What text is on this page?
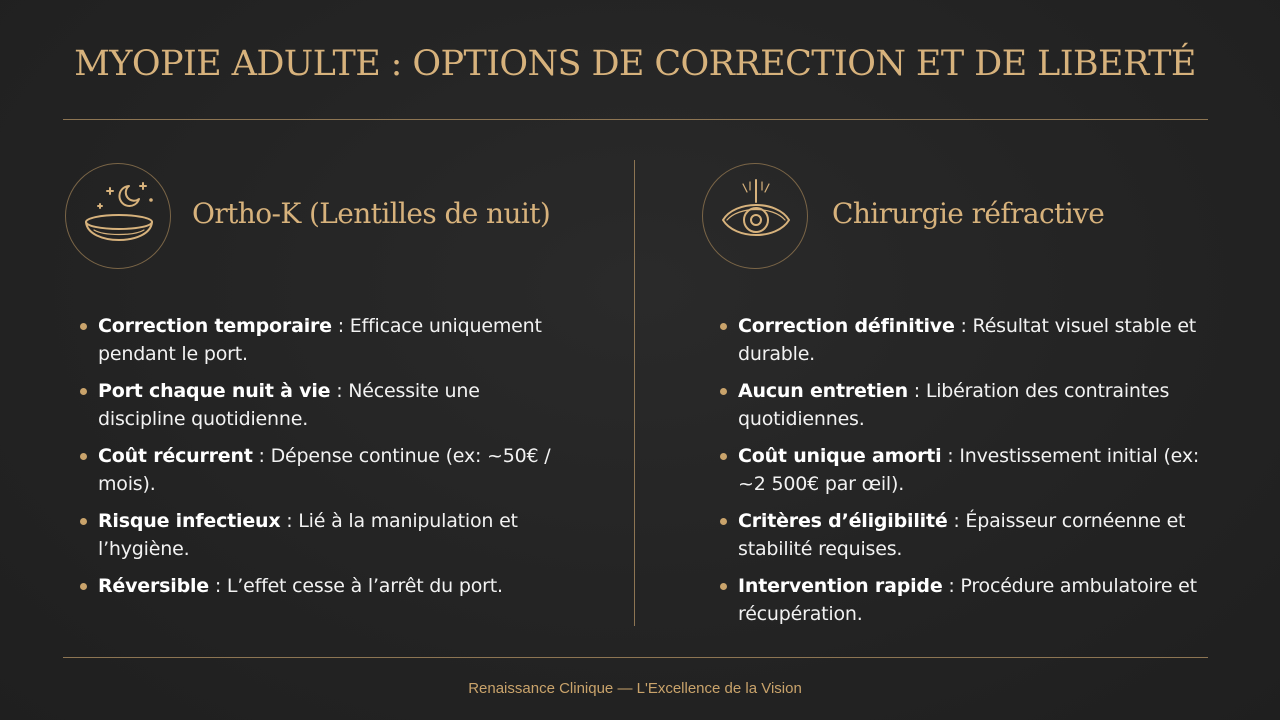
MYOPIE ADULTE : OPTIONS DE CORRECTION ET DE LIBERTÉ
Ortho-K (Lentilles de nuit)
Correction temporaire : Efficace uniquement pendant le port.
Port chaque nuit à vie : Nécessite une discipline quotidienne.
Coût récurrent : Dépense continue (ex: ~50€ / mois).
Risque infectieux : Lié à la manipulation et l’hygiène.
Réversible : L’effet cesse à l’arrêt du port.
Chirurgie réfractive
Correction définitive : Résultat visuel stable et durable.
Aucun entretien : Libération des contraintes quotidiennes.
Coût unique amorti : Investissement initial (ex: ~2 500€ par œil).
Critères d’éligibilité : Épaisseur cornéenne et stabilité requises.
Intervention rapide : Procédure ambulatoire et récupération.
Renaissance Clinique — L'Excellence de la Vision
